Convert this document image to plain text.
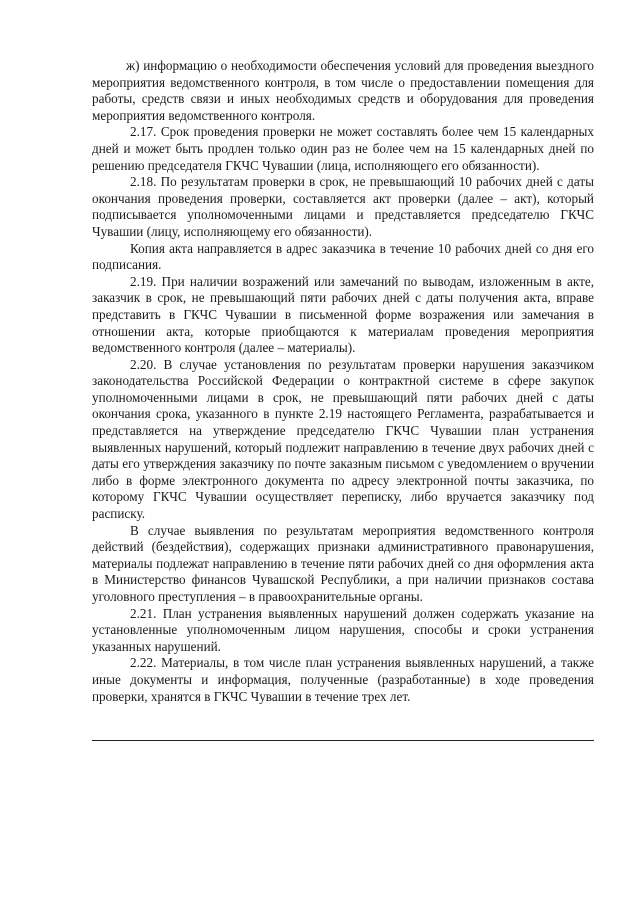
ж) информацию о необходимости обеспечения условий для проведения выездного мероприятия ведомственного контроля, в том числе о предоставлении помещения для работы, средств связи и иных необходимых средств и оборудования для проведения мероприятия ведомственного контроля.

2.17. Срок проведения проверки не может составлять более чем 15 календарных дней и может быть продлен только один раз не более чем на 15 календарных дней по решению председателя ГКЧС Чувашии (лица, исполняющего его обязанности).

2.18. По результатам проверки в срок, не превышающий 10 рабочих дней с даты окончания проведения проверки, составляется акт проверки (далее – акт), который подписывается уполномоченными лицами и представляется председателю ГКЧС Чувашии (лицу, исполняющему его обязанности).

Копия акта направляется в адрес заказчика в течение 10 рабочих дней со дня его подписания.

2.19. При наличии возражений или замечаний по выводам, изложенным в акте, заказчик в срок, не превышающий пяти рабочих дней с даты получения акта, вправе представить в ГКЧС Чувашии в письменной форме возражения или замечания в отношении акта, которые приобщаются к материалам проведения мероприятия ведомственного контроля (далее – материалы).

2.20. В случае установления по результатам проверки нарушения заказчиком законодательства Российской Федерации о контрактной системе в сфере закупок уполномоченными лицами в срок, не превышающий пяти рабочих дней с даты окончания срока, указанного в пункте 2.19 настоящего Регламента, разрабатывается и представляется на утверждение председателю ГКЧС Чувашии план устранения выявленных нарушений, который подлежит направлению в течение двух рабочих дней с даты его утверждения заказчику по почте заказным письмом с уведомлением о вручении либо в форме электронного документа по адресу электронной почты заказчика, по которому ГКЧС Чувашии осуществляет переписку, либо вручается заказчику под расписку.

В случае выявления по результатам мероприятия ведомственного контроля действий (бездействия), содержащих признаки административного правонарушения, материалы подлежат направлению в течение пяти рабочих дней со дня оформления акта в Министерство финансов Чувашской Республики, а при наличии признаков состава уголовного преступления – в правоохранительные органы.

2.21. План устранения выявленных нарушений должен содержать указание на установленные уполномоченным лицом нарушения, способы и сроки устранения указанных нарушений.

2.22. Материалы, в том числе план устранения выявленных нарушений, а также иные документы и информация, полученные (разработанные) в ходе проведения проверки, хранятся в ГКЧС Чувашии в течение трех лет.
